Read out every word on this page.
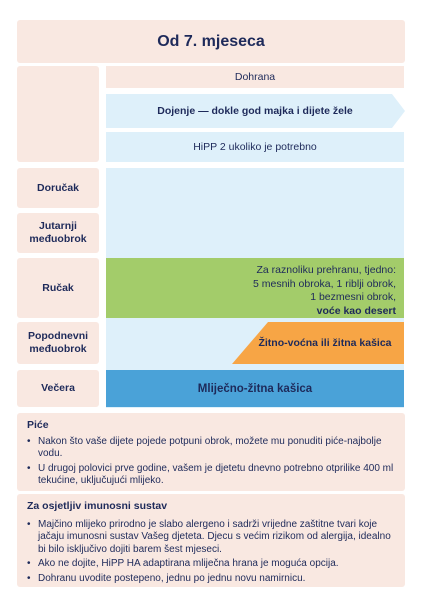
Od 7. mjeseca
Dohrana
Dojenje — dokle god majka i dijete žele
HiPP 2 ukoliko je potrebno
Doručak
Jutarnji međuobrok
Ručak
Popodnevni međuobrok
Večera
Za raznoliku prehranu, tjedno:
5 mesnih obroka, 1 riblji obrok,
1 bezmesni obrok,
voće kao desert
Žitno-voćna ili žitna kašica
Mliječno-žitna kašica
Piće
• Nakon što vaše dijete pojede potpuni obrok, možete mu ponuditi piće-najbolje vodu.
• U drugoj polovici prve godine, vašem je djetetu dnevno potrebno otprilike 400 ml tekućine, uključujući mlijeko.
Za osjetljiv imunosni sustav
• Majčino mlijeko prirodno je slabo alergeno i sadrži vrijedne zaštitne tvari koje jačaju imunosni sustav Vašeg djeteta. Djecu s većim rizikom od alergija, idealno bi bilo isključivo dojiti barem šest mjeseci.
• Ako ne dojite, HiPP HA adaptirana mliječna hrana je moguća opcija.
• Dohranu uvodite postepeno, jednu po jednu novu namirnicu.
